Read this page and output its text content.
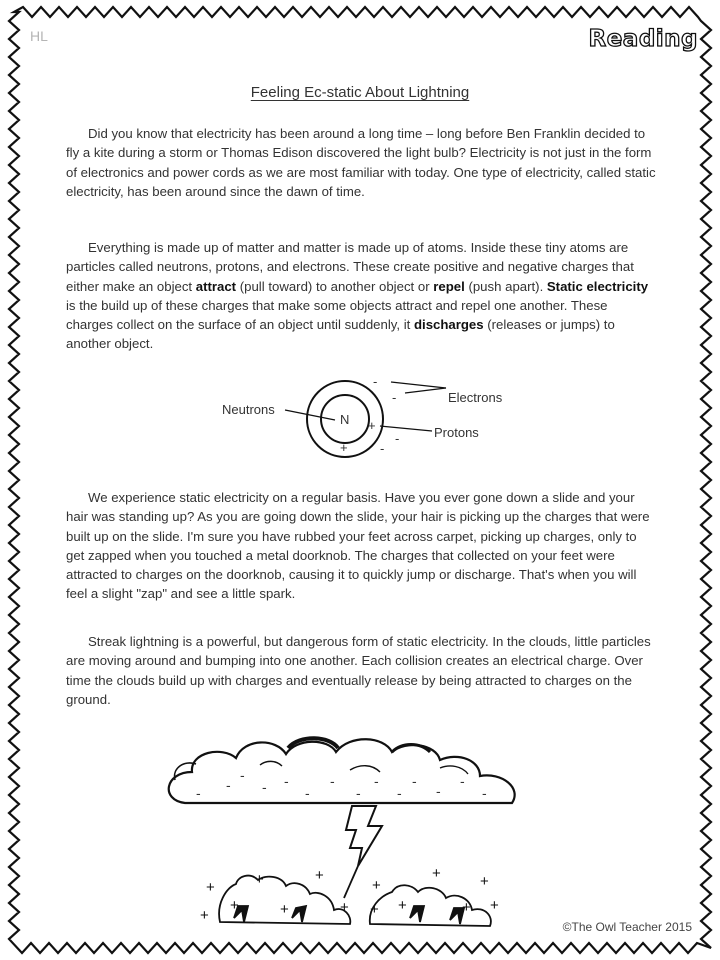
HL	Reading
Feeling Ec-static About Lightning

Did you know that electricity has been around a long time – long before Ben Franklin decided to fly a kite during a storm or Thomas Edison discovered the light bulb? Electricity is not just in the form of electronics and power cords as we are most familiar with today. One type of electricity, called static electricity, has been around since the dawn of time.

Everything is made up of matter and matter is made up of atoms. Inside these tiny atoms are particles called neutrons, protons, and electrons. These create positive and negative charges that either make an object attract (pull toward) to another object or repel (push apart). Static electricity is the build up of these charges that make some objects attract and repel one another. These charges collect on the surface of an object until suddenly, it discharges (releases or jumps) to another object.

Neutrons
Electrons
Protons
N
-
-
-
-
+
+

We experience static electricity on a regular basis. Have you ever gone down a slide and your hair was standing up? As you are going down the slide, your hair is picking up the charges that were built up on the slide. I'm sure you have rubbed your feet across carpet, picking up charges, only to get zapped when you touched a metal doorknob. The charges that collected on your feet were attracted to charges on the doorknob, causing it to quickly jump or discharge. That's when you will feel a slight "zap" and see a little spark.

Streak lightning is a powerful, but dangerous form of static electricity. In the clouds, little particles are moving around and bumping into one another. Each collision creates an electrical charge. Over time the clouds build up with charges and eventually release by being attracted to charges on the ground.

- -
-
- -
-
-
-
-
-
-
-
-
-
+
+
+
+	+
+
+
+
+
+
+
+
+
+
©The Owl Teacher 2015
